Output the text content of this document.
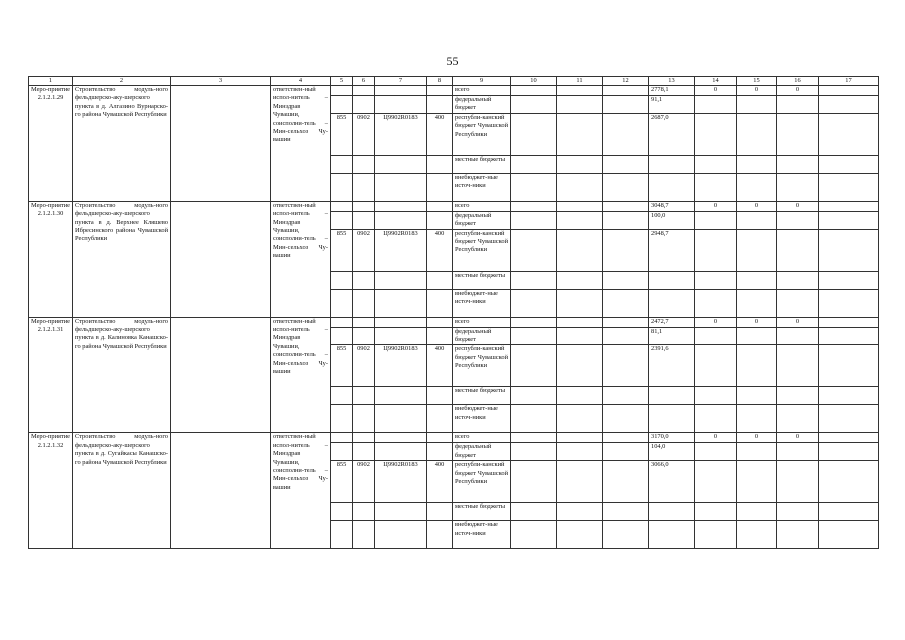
55
1	2	3	4	5	6	7	8	9	10	11	12	13	14	15	16	17
Меро-приятие 2.1.2.1.29	Строительство модуль-ного фельдшерско-аку-шерского пункта в д. Алгазино Вурнарско-го района Чувашской Республики		ответствен-ный испол-нитель – Минздрав Чувашии, соисполни-тель – Мин-сельхоз Чу-вашии					всего				2778,1	0	0	0	
								федеральный бюджет				91,1				
				855	0902	Ц9902R0183	400	республи-канский бюджет Чувашской Республики				2687,0				
								местные бюджеты								
								внебюджет-ные источ-ники								
Меро-приятие 2.1.2.1.30	Строительство модуль-ного фельдшерско-аку-шерского пункта в д. Верхнее Кляшево Ибресинского района Чувашской Республики		ответствен-ный испол-нитель – Минздрав Чувашии, соисполни-тель – Мин-сельхоз Чу-вашии					всего				3048,7	0	0	0	
								федеральный бюджет				100,0				
				855	0902	Ц9902R0183	400	республи-канский бюджет Чувашской Республики				2948,7				
								местные бюджеты								
								внебюджет-ные источ-ники								
Меро-приятие 2.1.2.1.31	Строительство модуль-ного фельдшерско-аку-шерского пункта в д. Калиновка Канашско-го района Чувашской Республики		ответствен-ный испол-нитель – Минздрав Чувашии, соисполни-тель – Мин-сельхоз Чу-вашии					всего				2472,7	0	0	0	
								федеральный бюджет				81,1				
				855	0902	Ц9902R0183	400	республи-канский бюджет Чувашской Республики				2391,6				
								местные бюджеты								
								внебюджет-ные источ-ники								
Меро-приятие 2.1.2.1.32	Строительство модуль-ного фельдшерско-аку-шерского пункта в д. Сугайкасы Канашско-го района Чувашской Республики		ответствен-ный испол-нитель – Минздрав Чувашии, соисполни-тель – Мин-сельхоз Чу-вашии					всего				3170,0	0	0	0	
								федеральный бюджет				104,0				
				855	0902	Ц9902R0183	400	республи-канский бюджет Чувашской Республики				3066,0				
								местные бюджеты								
								внебюджет-ные источ-ники								
